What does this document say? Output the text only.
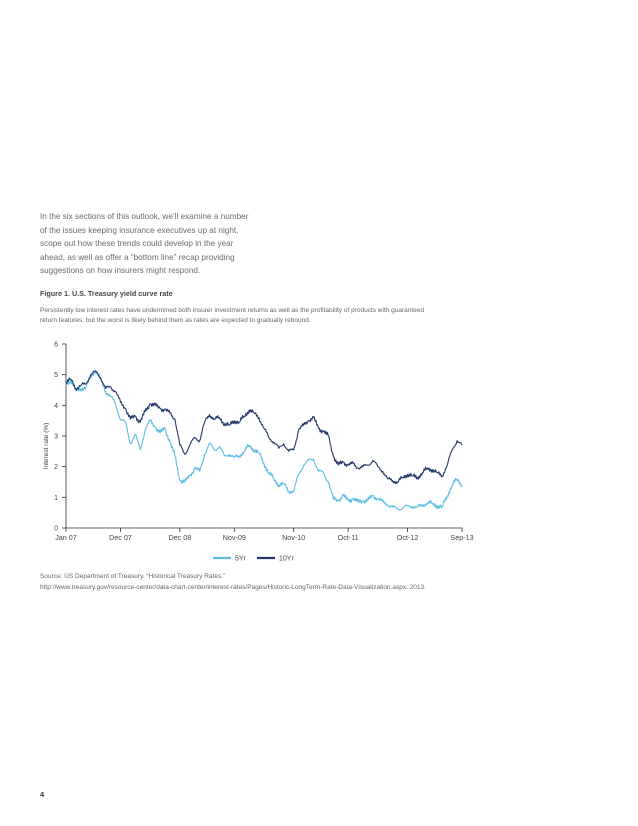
In the six sections of this outlook, we’ll examine a number
of the issues keeping insurance executives up at night,
scope out how these trends could develop in the year
ahead, as well as offer a “bottom line” recap providing
suggestions on how insurers might respond.
Figure 1. U.S. Treasury yield curve rate
Persistently low interest rates have undermined both insurer investment returns as well as the profitability of products with guaranteed
return features, but the worst is likely behind them as rates are expected to gradually rebound.
0
1
2
3
4
5
6
Jan 07	Dec 07	Dec 08	Nov-09	Nov-10	Oct-11	Oct-12	Sep-13
Interest rate (%)
5Yr	10Yr
Source: US Department of Treasury. “Historical Treasury Rates.”
http://www.treasury.gov/resource-center/data-chart-center/interest-rates/Pages/Historic-LongTerm-Rate-Data-Visualization.aspx. 2013.
4
